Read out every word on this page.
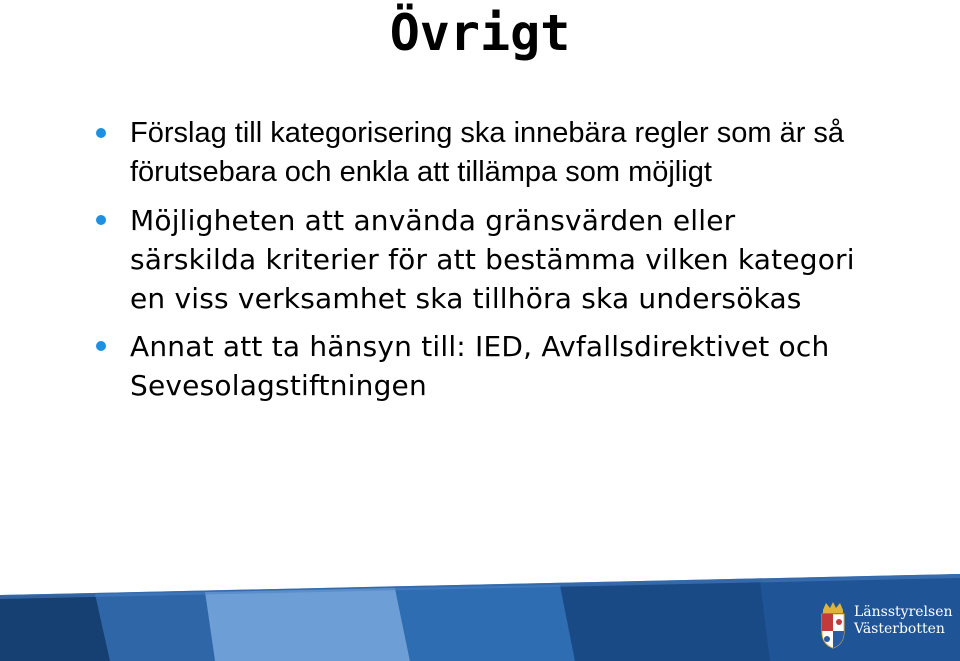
Övrigt
Förslag till kategorisering ska innebära regler som är så förutsebara och enkla att tillämpa som möjligt
Möjligheten att använda gränsvärden eller särskilda kriterier för att bestämma vilken kategori en viss verksamhet ska tillhöra ska undersökas
Annat att ta hänsyn till: IED, Avfallsdirektivet och Sevesolagstiftningen
Länsstyrelsen
Västerbotten
